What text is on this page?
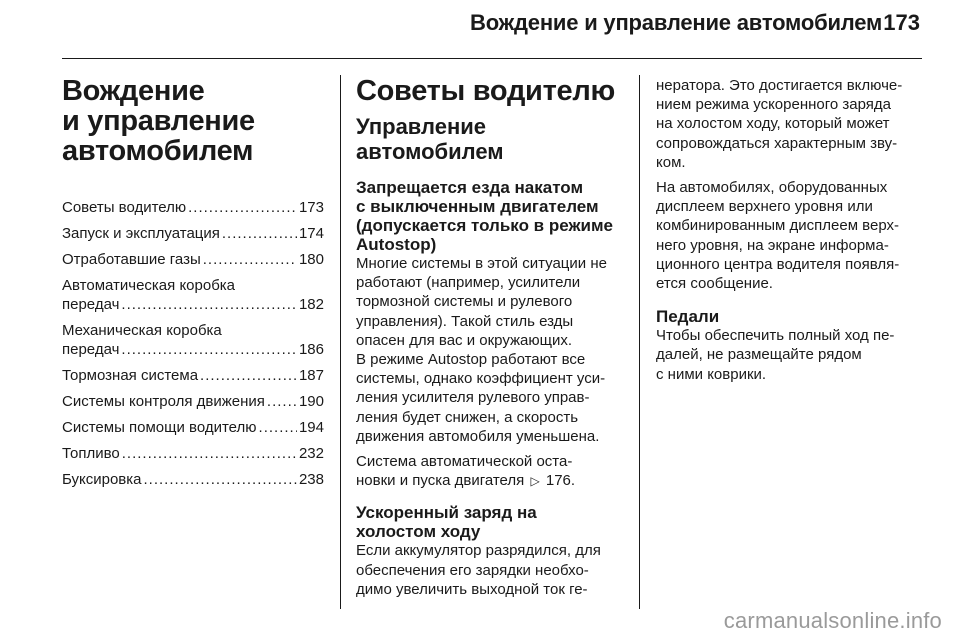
Вождение и управление автомобилем 173
Вождение
и управление
автомобилем
Советы водителю .....	173
Запуск и эксплуатация .....	174
Отработавшие газы .....	180
Автоматическая коробка
передач .....	182
Механическая коробка
передач .....	186
Тормозная система .....	187
Системы контроля движения ..... 190
Системы помощи водителю .....	194
Топливо .....	232
Буксировка .....	238
Советы водителю
Управление
автомобилем
Запрещается езда накатом
с выключенным двигателем
(допускается только в режиме
Autostop)

Многие системы в этой ситуации не
работают (например, усилители
тормозной системы и рулевого
управления). Такой стиль езды
опасен для вас и окружающих.
В режиме Autostop работают все
системы, однако коэффициент уси-
ления усилителя рулевого управ-
ления будет снижен, а скорость
движения автомобиля уменьшена.

Система автоматической оста-
новки и пуска двигателя ▷ 176.

Ускоренный заряд на
холостом ходу

Если аккумулятор разрядился, для
обеспечения его зарядки необхо-
димо увеличить выходной ток ге-

нератора. Это достигается включе-
нием режима ускоренного заряда
на холостом ходу, который может
сопровождаться характерным зву-
ком.

На автомобилях, оборудованных
дисплеем верхнего уровня или
комбинированным дисплеем верх-
него уровня, на экране информа-
ционного центра водителя появля-
ется сообщение.

Педали

Чтобы обеспечить полный ход пе-
далей, не размещайте рядом
с ними коврики.

carmanualsonline.info
